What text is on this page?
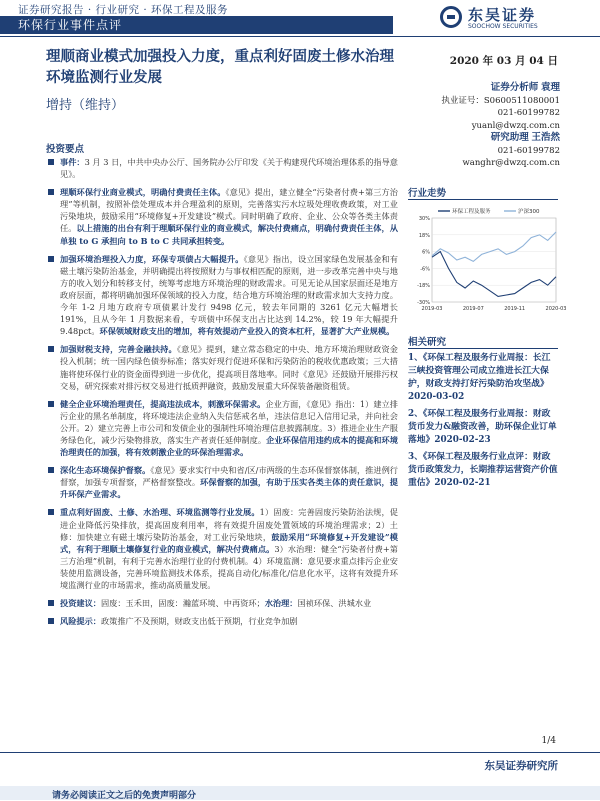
证券研究报告 · 行业研究 · 环保工程及服务	东吴证券
SOOCHOW SECURITIES
环保行业事件点评
理顺商业模式加强投入力度，重点利好固废土修水治理环境监测行业发展
增持（维持）
2020 年 03 月 04 日
证券分析师 袁理
执业证号：S0600511080001
021-60199782
yuanl@dwzq.com.cn
研究助理 王浩然
021-60199782
wanghr@dwzq.com.cn
投资要点

事件：3 月 3 日，中共中央办公厅、国务院办公厅印发《关于构建现代环境治理体系的指导意见》。

理顺环保行业商业模式，明确付费责任主体。《意见》提出，建立健全“污染者付费+第三方治理”等机制，按照补偿处理成本并合理盈利的原则，完善落实污水垃圾处理收费政策，对工业污染地块，鼓励采用“环境修复+开发建设”模式。同时明确了政府、企业、公众等各类主体责任。以上措施的出台有利于理顺环保行业的商业模式，解决付费痛点，明确付费责任主体，从单独 to G 承担向 to B to C 共同承担转变。

加强环境治理投入力度，环保专项债占大幅提升。《意见》指出，设立国家绿色发展基金和有磁土壤污染防治基金，并明确提出将按照财力与事权相匹配的原则，进一步改革完善中央与地方的收入划分和转移支付，统筹考虑地方环境治理的财政需求。可见无论从国家层面还是地方政府层面，都将明确加强环保领域的投入力度，结合地方环境治理的财政需求加大支持力度。今年 1-2 月地方政府专项债累计发行 9498 亿元，较去年同期的 3261 亿元大幅增长 191%，且从今年 1 月数据来看，专项债中环保支出占比达到 14.2%，较 19 年大幅提升 9.48pct。环保领域财政支出的增加，将有效提动产业投入的资本杠杆，显著扩大产业规模。

加强财税支持，完善金融扶持。《意见》提到，建立常态稳定的中央、地方环境治理财政资金投入机制；统一国内绿色债券标准；落实好现行促进环保和污染防治的税收优惠政策；三大措施将使环保行业的资金面得到进一步优化，提高项目落地率。同时《意见》还鼓励开展排污权交易，研究探索对排污权交易进行抵质押融资，鼓励发展重大环保装备融资租赁。

健全企业环境治理责任，提高违法成本，刺激环保需求。企业方面，《意见》指出：1）建立排污企业的黑名单制度，将环境违法企业纳入失信惩戒名单，违法信息记入信用记录，并向社会公开。2）建立完善上市公司和发债企业的强制性环境治理信息披露制度。3）推进企业生产服务绿色化，减少污染物排放，落实生产者责任延伸制度。企业环保信用违约成本的提高和环境治理责任的加强，将有效刺激企业的环保治理需求。

深化生态环境保护督察。《意见》要求实行中央和省/区/市两级的生态环保督察体制，推进例行督察，加强专项督察，严格督察整改。环保督察的加强，有助于压实各类主体的责任意识，提升环保产业需求。

重点利好固废、土修、水治理、环境监测等行业发展。1）固废：完善固废污染防治法规，促进企业降低污染排放，提高固废利用率，将有效提升固废处置领域的环境治理需求；2）土修：加快建立有磁土壤污染防治基金，对工业污染地块，鼓励采用“环境修复+开发建设”模式，有利于理顺土壤修复行业的商业模式，解决付费痛点。3）水治理：健全“污染者付费+第三方治理”机制，有利于完善水治理行业的付费机制。4）环境监测：意见要求重点排污企业安装使用监测设备，完善环境监测技术体系，提高自动化/标准化/信息化水平，这将有效提升环境监测行业的市场需求，推动高质量发展。

投资建议：固废：玉禾田，固废：瀚蓝环境、中再资环；水治理：国祯环保、洪城水业

风险提示：政策推广不及预期，财政支出低于预期，行业竞争加剧

行业走势
30%
18%
6%
-6%
-18%
-30%
2019-03	2019-07	2019-11	2020-03
环保工程及服务	沪深300
相关研究
1、《环保工程及服务行业周报：长江三峡投资管理公司成立推进长江大保护，财政支持打好污染防治攻坚战》2020-03-02
2、《环保工程及服务行业周报：财政货币发力&融资改善，助环保企业订单落地》2020-02-23
3、《环保工程及服务行业点评：财政货币政策发力，长期推荐运营资产价值重估》2020-02-21
1/4
东吴证券研究所
请务必阅读正文之后的免责声明部分
